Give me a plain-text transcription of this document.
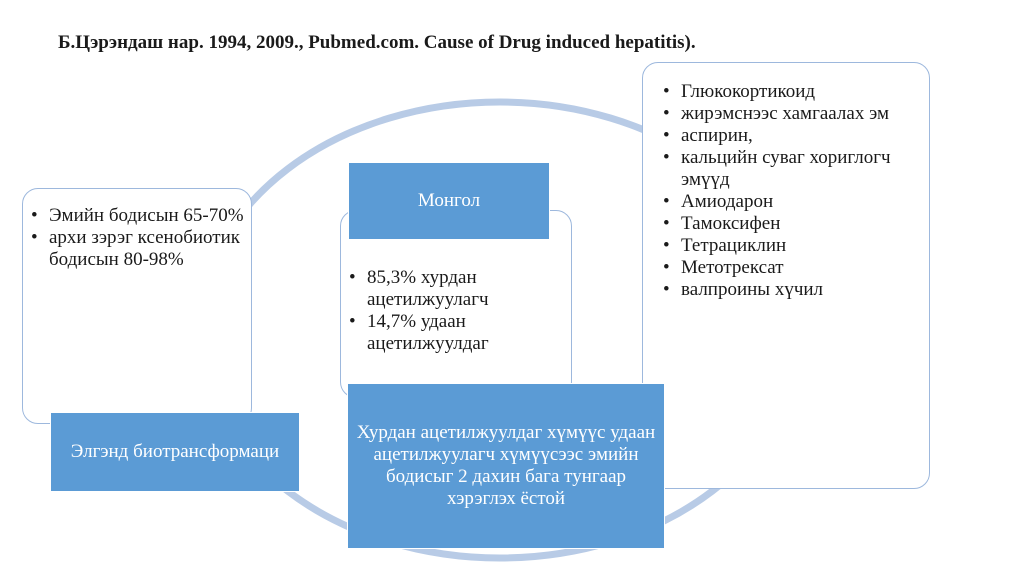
Б.Цэрэндаш нар. 1994, 2009., Pubmed.com. Cause of Drug induced hepatitis).
• Эмийн бодисын 65-70%
• архи зэрэг ксенобиотик бодисын 80-98%
• 85,3% хурдан ацетилжуулагч
• 14,7% удаан ацетилжуулдаг
• Глюкокортикоид
• жирэмснээс хамгаалах эм
• аспирин,
• кальцийн суваг хориглогч эмүүд
• Амиодарон
• Тамоксифен
• Тетрациклин
• Метотрексат
• валпроины хүчил
Элгэнд биотрансформаци
Монгол
Хурдан ацетилжуулдаг хүмүүс удаан ацетилжуулагч хүмүүсээс эмийн бодисыг 2 дахин бага тунгаар хэрэглэх ёстой
